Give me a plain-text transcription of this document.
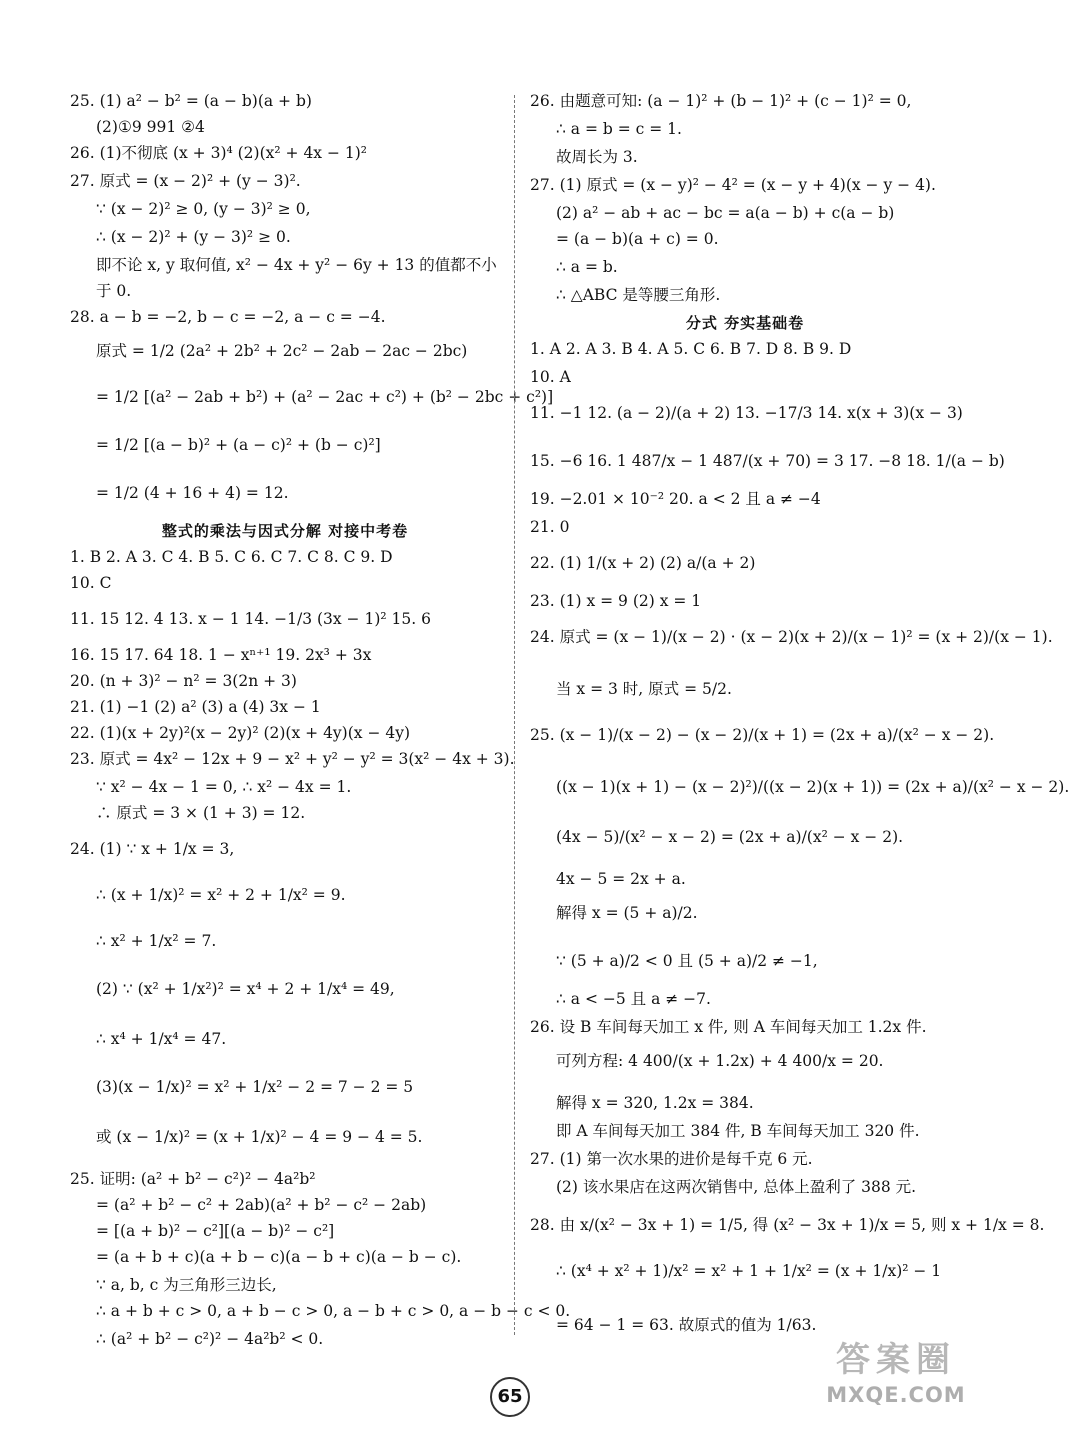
25. (1) a² − b² = (a − b)(a + b)
(2)①9 991 ②4
26. (1)不彻底 (x + 3)⁴ (2)(x² + 4x − 1)²
27. 原式 = (x − 2)² + (y − 3)².
∵ (x − 2)² ≥ 0, (y − 3)² ≥ 0,
∴ (x − 2)² + (y − 3)² ≥ 0.
即不论 x, y 取何值, x² − 4x + y² − 6y + 13 的值都不小
于 0.
28. a − b = −2, b − c = −2, a − c = −4.
原式 = 1/2 (2a² + 2b² + 2c² − 2ab − 2ac − 2bc)
= 1/2 [(a² − 2ab + b²) + (a² − 2ac + c²) + (b² − 2bc + c²)]
= 1/2 [(a − b)² + (a − c)² + (b − c)²]
= 1/2 (4 + 16 + 4) = 12.
整式的乘法与因式分解 对接中考卷
1. B 2. A 3. C 4. B 5. C 6. C 7. C 8. C 9. D
10. C
11. 15 12. 4 13. x − 1 14. −1/3 (3x − 1)² 15. 6
16. 15 17. 64 18. 1 − xⁿ⁺¹ 19. 2x³ + 3x
20. (n + 3)² − n² = 3(2n + 3)
21. (1) −1 (2) a² (3) a (4) 3x − 1
22. (1)(x + 2y)²(x − 2y)² (2)(x + 4y)(x − 4y)
23. 原式 = 4x² − 12x + 9 − x² + y² − y² = 3(x² − 4x + 3).
∵ x² − 4x − 1 = 0, ∴ x² − 4x = 1.
∴ 原式 = 3 × (1 + 3) = 12.
24. (1) ∵ x + 1/x = 3,
∴ (x + 1/x)² = x² + 2 + 1/x² = 9.
∴ x² + 1/x² = 7.
(2) ∵ (x² + 1/x²)² = x⁴ + 2 + 1/x⁴ = 49,
∴ x⁴ + 1/x⁴ = 47.
(3)(x − 1/x)² = x² + 1/x² − 2 = 7 − 2 = 5
或 (x − 1/x)² = (x + 1/x)² − 4 = 9 − 4 = 5.
25. 证明: (a² + b² − c²)² − 4a²b²
= (a² + b² − c² + 2ab)(a² + b² − c² − 2ab)
= [(a + b)² − c²][(a − b)² − c²]
= (a + b + c)(a + b − c)(a − b + c)(a − b − c).
∵ a, b, c 为三角形三边长,
∴ a + b + c > 0, a + b − c > 0, a − b + c > 0, a − b − c < 0.
∴ (a² + b² − c²)² − 4a²b² < 0.
26. 由题意可知: (a − 1)² + (b − 1)² + (c − 1)² = 0,
∴ a = b = c = 1.
故周长为 3.
27. (1) 原式 = (x − y)² − 4² = (x − y + 4)(x − y − 4).
(2) a² − ab + ac − bc = a(a − b) + c(a − b)
= (a − b)(a + c) = 0.
∴ a = b.
∴ △ABC 是等腰三角形.
分式 夯实基础卷
1. A 2. A 3. B 4. A 5. C 6. B 7. D 8. B 9. D
10. A
11. −1 12. (a − 2)/(a + 2) 13. −17/3 14. x(x + 3)(x − 3)
15. −6 16. 1 487/x − 1 487/(x + 70) = 3 17. −8 18. 1/(a − b)
19. −2.01 × 10⁻² 20. a < 2 且 a ≠ −4
21. 0
22. (1) 1/(x + 2) (2) a/(a + 2)
23. (1) x = 9 (2) x = 1
24. 原式 = (x − 1)/(x − 2) · (x − 2)(x + 2)/(x − 1)² = (x + 2)/(x − 1).
当 x = 3 时, 原式 = 5/2.
25. (x − 1)/(x − 2) − (x − 2)/(x + 1) = (2x + a)/(x² − x − 2).
((x − 1)(x + 1) − (x − 2)²)/((x − 2)(x + 1)) = (2x + a)/(x² − x − 2).
(4x − 5)/(x² − x − 2) = (2x + a)/(x² − x − 2).
4x − 5 = 2x + a.
解得 x = (5 + a)/2.
∵ (5 + a)/2 < 0 且 (5 + a)/2 ≠ −1,
∴ a < −5 且 a ≠ −7.
26. 设 B 车间每天加工 x 件, 则 A 车间每天加工 1.2x 件.
可列方程: 4 400/(x + 1.2x) + 4 400/x = 20.
解得 x = 320, 1.2x = 384.
即 A 车间每天加工 384 件, B 车间每天加工 320 件.
27. (1) 第一次水果的进价是每千克 6 元.
(2) 该水果店在这两次销售中, 总体上盈利了 388 元.
28. 由 x/(x² − 3x + 1) = 1/5, 得 (x² − 3x + 1)/x = 5, 则 x + 1/x = 8.
∴ (x⁴ + x² + 1)/x² = x² + 1 + 1/x² = (x + 1/x)² − 1
= 64 − 1 = 63. 故原式的值为 1/63.
65
答案圈
MXQE.COM
